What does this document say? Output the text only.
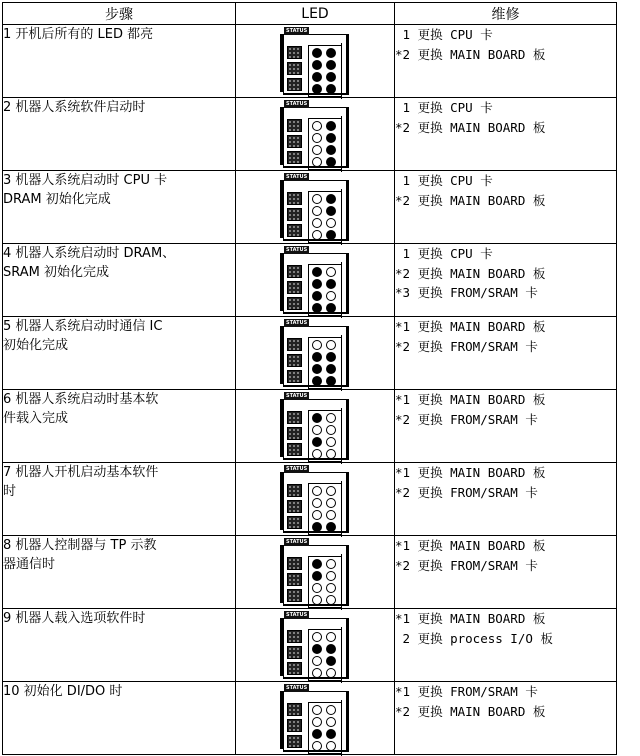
步骤	LED	维修

1 开机后所有的 LED 都亮	STATUS	1 更换 CPU 卡
*2 更换 MAIN BOARD 板

2 机器人系统软件启动时	STATUS	1 更换 CPU 卡
*2 更换 MAIN BOARD 板

3 机器人系统启动时 CPU 卡
DRAM 初始化完成	STATUS	1 更换 CPU 卡
*2 更换 MAIN BOARD 板

4 机器人系统启动时 DRAM、
SRAM 初始化完成	STATUS	1 更换 CPU 卡
*2 更换 MAIN BOARD 板
*3 更换 FROM/SRAM 卡

5 机器人系统启动时通信 IC
初始化完成	STATUS	*1 更换 MAIN BOARD 板
*2 更换 FROM/SRAM 卡

6 机器人系统启动时基本软
件载入完成	STATUS	*1 更换 MAIN BOARD 板
*2 更换 FROM/SRAM 卡

7 机器人开机启动基本软件
时	STATUS	*1 更换 MAIN BOARD 板
*2 更换 FROM/SRAM 卡

8 机器人控制器与 TP 示教
器通信时	STATUS	*1 更换 MAIN BOARD 板
*2 更换 FROM/SRAM 卡

9 机器人载入选项软件时	STATUS	*1 更换 MAIN BOARD 板
2 更换 process I/O 板

10 初始化 DI/DO 时	STATUS	*1 更换 FROM/SRAM 卡
*2 更换 MAIN BOARD 板
